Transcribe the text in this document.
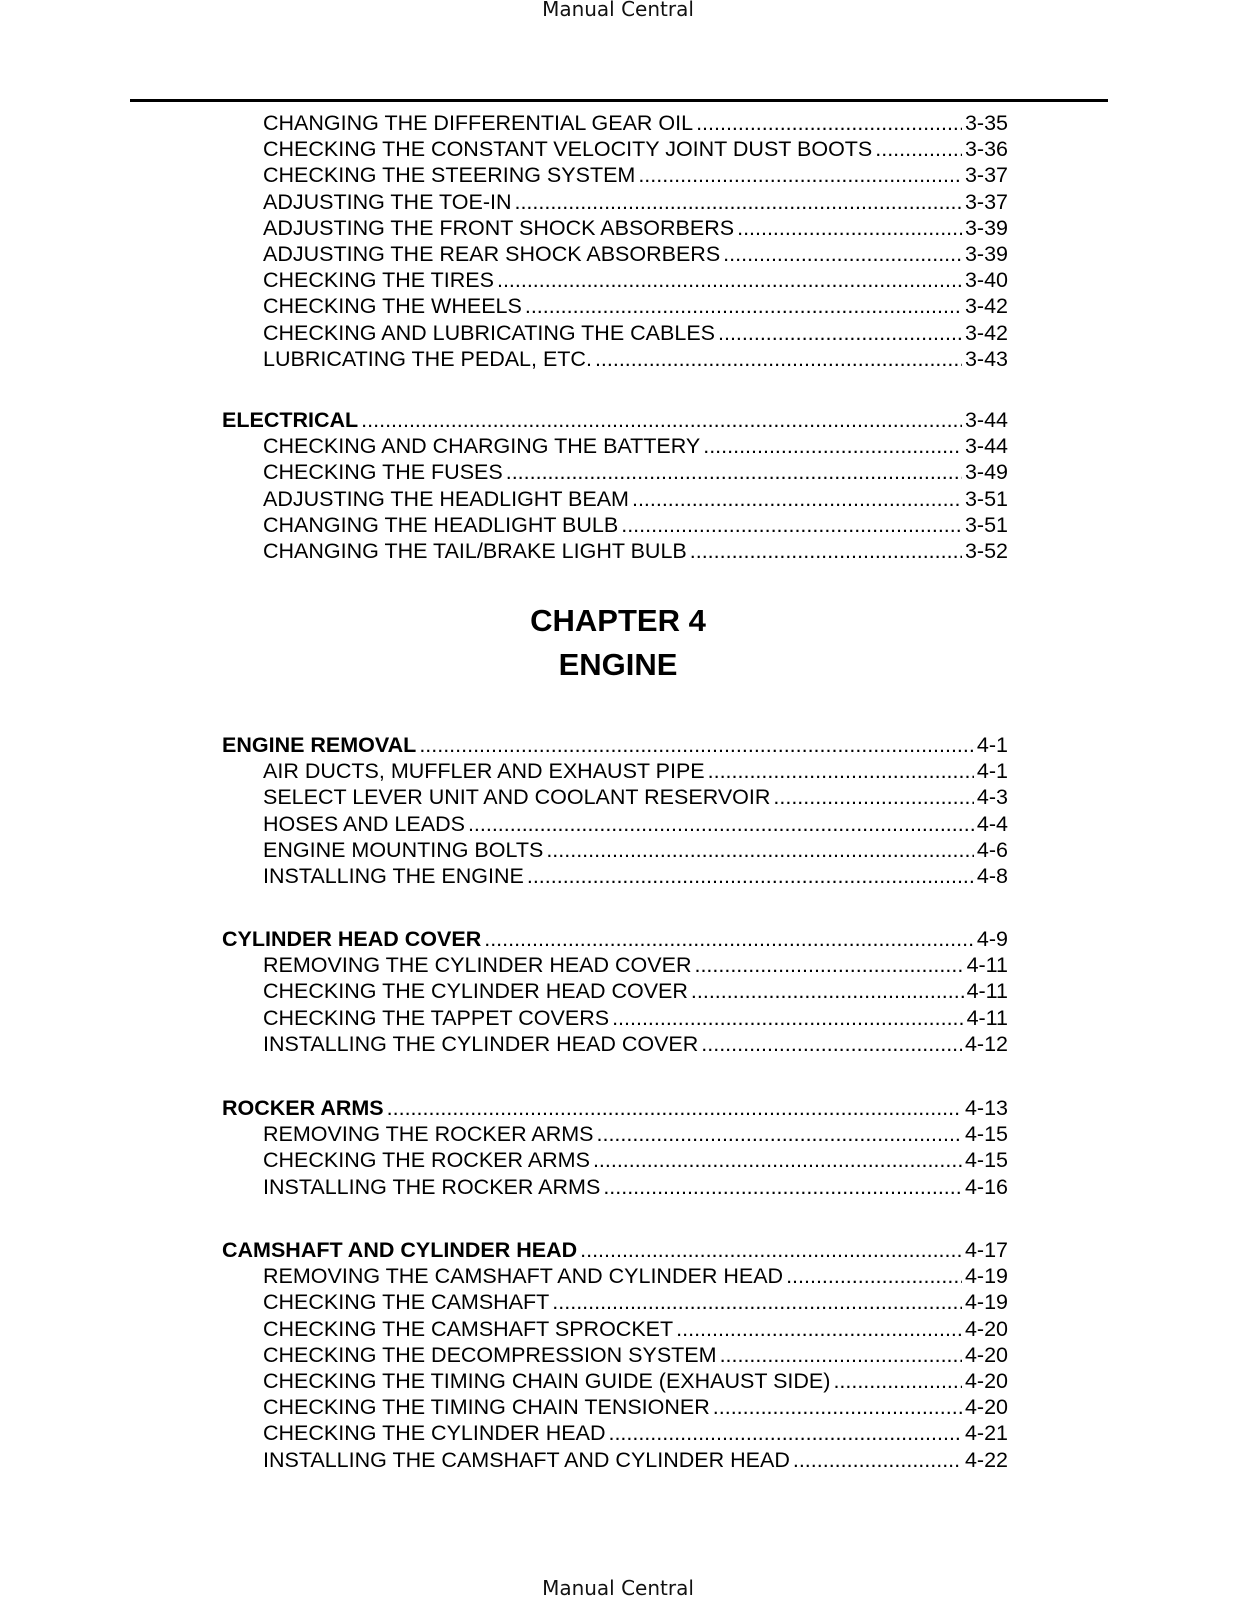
Manual Central
CHANGING THE DIFFERENTIAL GEAR OIL .....	3-35
CHECKING THE CONSTANT VELOCITY JOINT DUST BOOTS .....	3-36
CHECKING THE STEERING SYSTEM .....	3-37
ADJUSTING THE TOE-IN .....	3-37
ADJUSTING THE FRONT SHOCK ABSORBERS .....	3-39
ADJUSTING THE REAR SHOCK ABSORBERS .....	3-39
CHECKING THE TIRES .....	3-40
CHECKING THE WHEELS .....	3-42
CHECKING AND LUBRICATING THE CABLES .....	3-42
LUBRICATING THE PEDAL, ETC. .....	3-43
ELECTRICAL .....	3-44
CHECKING AND CHARGING THE BATTERY .....	3-44
CHECKING THE FUSES .....	3-49
ADJUSTING THE HEADLIGHT BEAM .....	3-51
CHANGING THE HEADLIGHT BULB .....	3-51
CHANGING THE TAIL/BRAKE LIGHT BULB .....	3-52
CHAPTER 4
ENGINE
ENGINE REMOVAL .....	4-1
AIR DUCTS, MUFFLER AND EXHAUST PIPE .....	4-1
SELECT LEVER UNIT AND COOLANT RESERVOIR .....	4-3
HOSES AND LEADS .....	4-4
ENGINE MOUNTING BOLTS .....	4-6
INSTALLING THE ENGINE .....	4-8
CYLINDER HEAD COVER .....	4-9
REMOVING THE CYLINDER HEAD COVER .....	4-11
CHECKING THE CYLINDER HEAD COVER .....	4-11
CHECKING THE TAPPET COVERS .....	4-11
INSTALLING THE CYLINDER HEAD COVER .....	4-12
ROCKER ARMS .....	4-13
REMOVING THE ROCKER ARMS .....	4-15
CHECKING THE ROCKER ARMS .....	4-15
INSTALLING THE ROCKER ARMS .....	4-16
CAMSHAFT AND CYLINDER HEAD .....	4-17
REMOVING THE CAMSHAFT AND CYLINDER HEAD .....	4-19
CHECKING THE CAMSHAFT .....	4-19
CHECKING THE CAMSHAFT SPROCKET .....	4-20
CHECKING THE DECOMPRESSION SYSTEM .....	4-20
CHECKING THE TIMING CHAIN GUIDE (EXHAUST SIDE) .....	4-20
CHECKING THE TIMING CHAIN TENSIONER .....	4-20
CHECKING THE CYLINDER HEAD .....	4-21
INSTALLING THE CAMSHAFT AND CYLINDER HEAD .....	4-22
Manual Central
